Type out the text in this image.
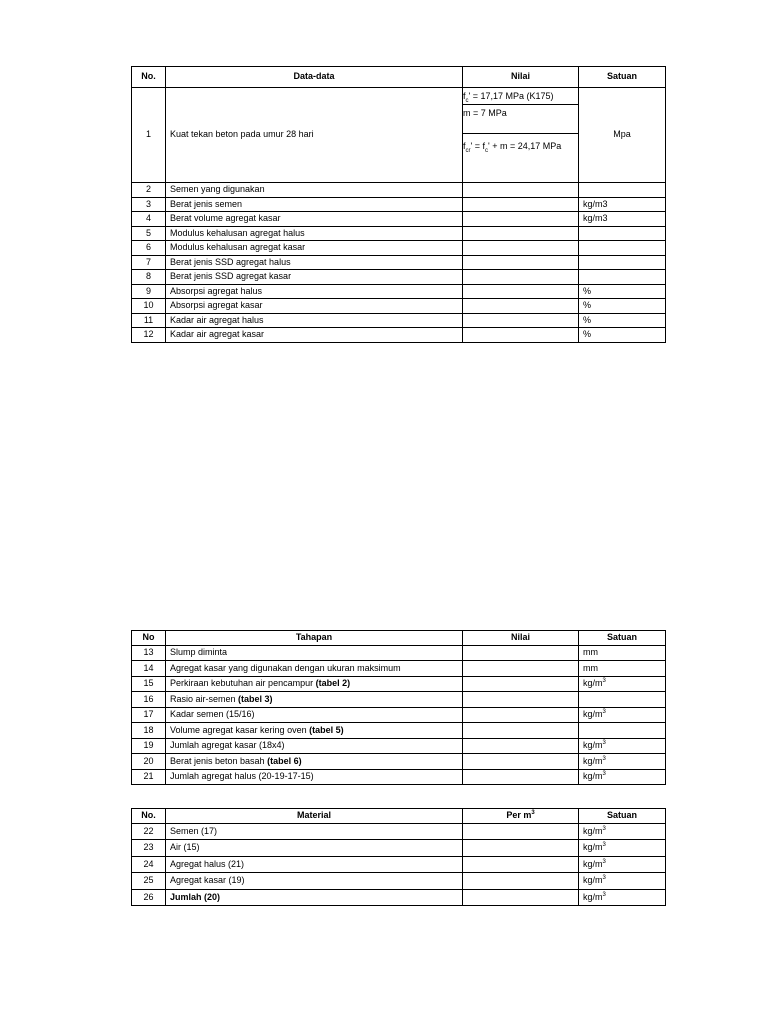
No.	Data-data	Nilai	Satuan
1	Kuat tekan beton pada umur 28 hari	$f_c' = 17,17$ MPa (K175)
m = 7 MPa
$f_{cr}' = f_c' + m = 24,17$ MPa	Mpa
2	Semen yang digunakan		
3	Berat jenis semen		kg/m3
4	Berat volume agregat kasar		kg/m3
5	Modulus kehalusan agregat halus		
6	Modulus kehalusan agregat kasar		
7	Berat jenis SSD agregat halus		
8	Berat jenis SSD agregat kasar		
9	Absorpsi agregat halus		%
10	Absorpsi agregat kasar		%
11	Kadar air agregat halus		%
12	Kadar air agregat kasar		%
No	Tahapan	Nilai	Satuan
13	Slump diminta		mm
14	Agregat kasar yang digunakan dengan ukuran maksimum		mm
15	Perkiraan kebutuhan air pencampur (tabel 2)		$kg/m^3$
16	Rasio air-semen (tabel 3)		
17	Kadar semen (15/16)		$kg/m^3$
18	Volume agregat kasar kering oven (tabel 5)		
19	Jumlah agregat kasar (18x4)		$kg/m^3$
20	Berat jenis beton basah (tabel 6)		$kg/m^3$
21	Jumlah agregat halus (20-19-17-15)		$kg/m^3$
No.	Material	Per $m^3$	Satuan
22	Semen (17)		$kg/m^3$
23	Air (15)		$kg/m^3$
24	Agregat halus (21)		$kg/m^3$
25	Agregat kasar (19)		$kg/m^3$
26	Jumlah (20)		$kg/m^3$
